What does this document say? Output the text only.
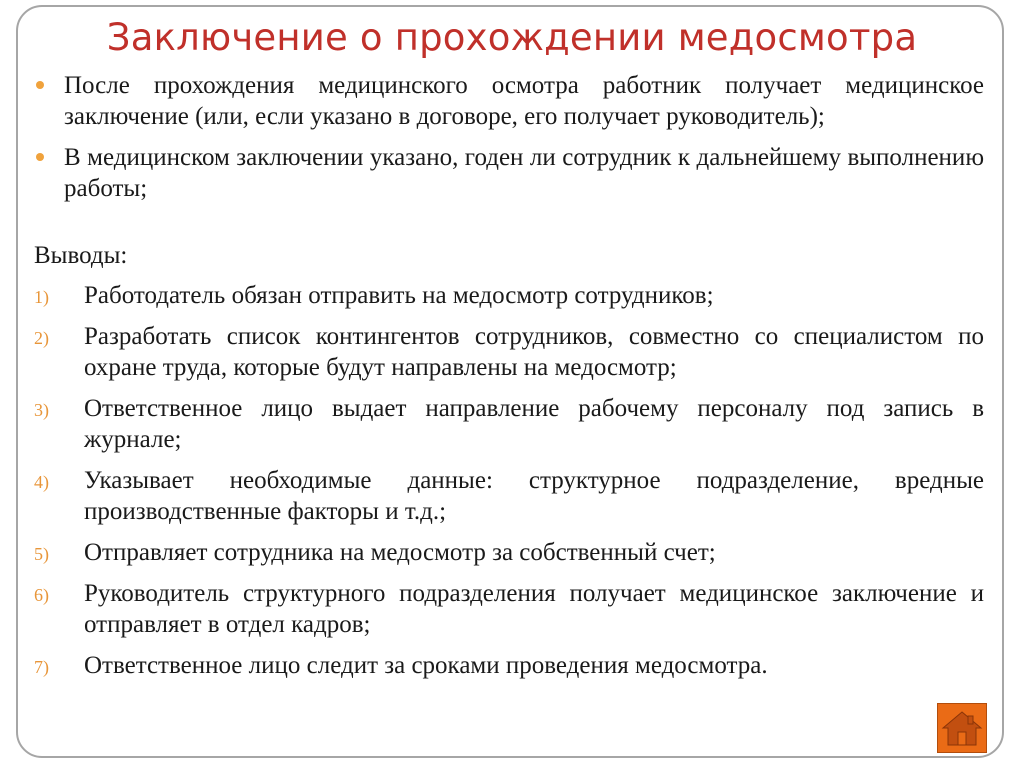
Заключение о прохождении медосмотра
После прохождения медицинского осмотра работник получает медицинское заключение (или, если указано в договоре, его получает руководитель);
В медицинском заключении указано, годен ли сотрудник к дальнейшему выполнению работы;

Выводы:

1) Работодатель обязан отправить на медосмотр сотрудников;
2) Разработать список контингентов сотрудников, совместно со специалистом по охране труда, которые будут направлены на медосмотр;
3) Ответственное лицо выдает направление рабочему персоналу под запись в журнале;
4) Указывает необходимые данные: структурное подразделение, вредные производственные факторы и т.д.;
5) Отправляет сотрудника на медосмотр за собственный счет;
6) Руководитель структурного подразделения получает медицинское заключение и отправляет в отдел кадров;
7) Ответственное лицо следит за сроками проведения медосмотра.
